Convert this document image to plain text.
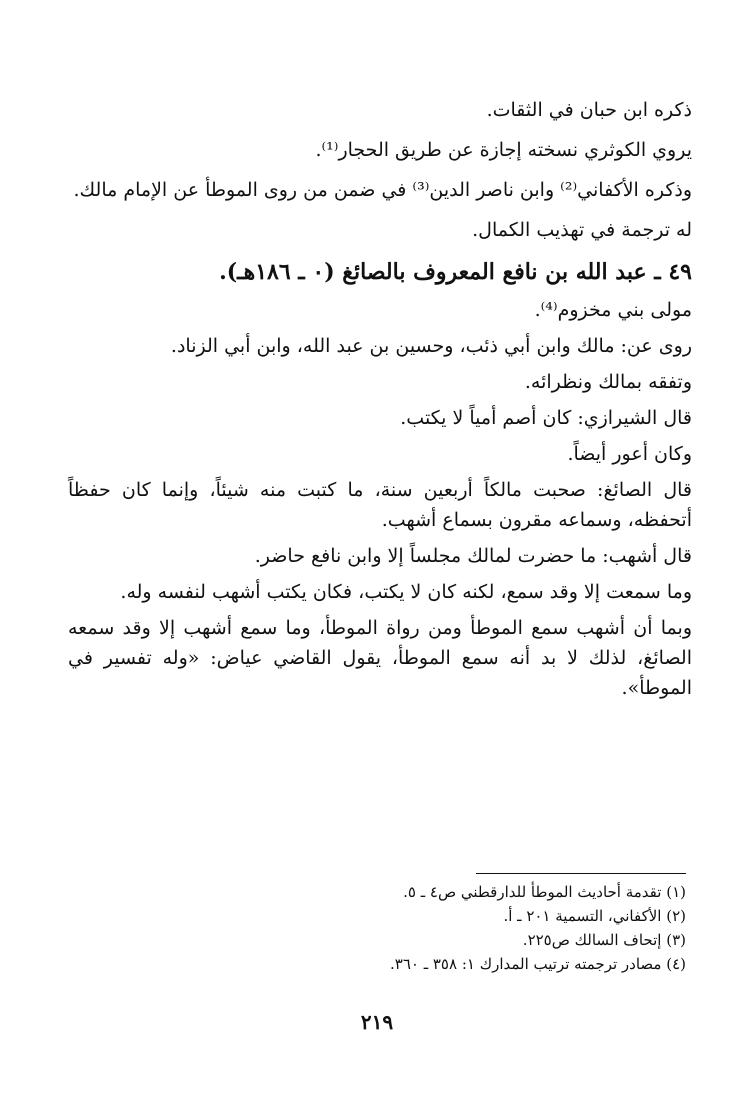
ذكره ابن حبان في الثقات.

يروي الكوثري نسخته إجازة عن طريق الحجار⁽¹⁾.

وذكره الأكفاني⁽²⁾ وابن ناصر الدين⁽³⁾ في ضمن من روى الموطأ عن الإمام مالك.

له ترجمة في تهذيب الكمال.

٤٩ ـ عبد الله بن نافع المعروف بالصائغ (٠ ـ ١٨٦هـ).

مولى بني مخزوم⁽⁴⁾.

روى عن: مالك وابن أبي ذئب، وحسين بن عبد الله، وابن أبي الزناد.

وتفقه بمالك ونظرائه.

قال الشيرازي: كان أصم أمياً لا يكتب.

وكان أعور أيضاً.

قال الصائغ: صحبت مالكاً أربعين سنة، ما كتبت منه شيئاً، وإنما كان حفظاً أتحفظه، وسماعه مقرون بسماع أشهب.

قال أشهب: ما حضرت لمالك مجلساً إلا وابن نافع حاضر.

وما سمعت إلا وقد سمع، لكنه كان لا يكتب، فكان يكتب أشهب لنفسه وله.

وبما أن أشهب سمع الموطأ ومن رواة الموطأ، وما سمع أشهب إلا وقد سمعه الصائغ، لذلك لا بد أنه سمع الموطأ، يقول القاضي عياض: «وله تفسير في الموطأ».

(١) تقدمة أحاديث الموطأ للدارقطني ص٤ ـ ٥.

(٢) الأكفاني، التسمية ٢٠١ ـ أ.

(٣) إتحاف السالك ص٢٢٥.

(٤) مصادر ترجمته ترتيب المدارك ١: ٣٥٨ ـ ٣٦٠.

٢١٩
